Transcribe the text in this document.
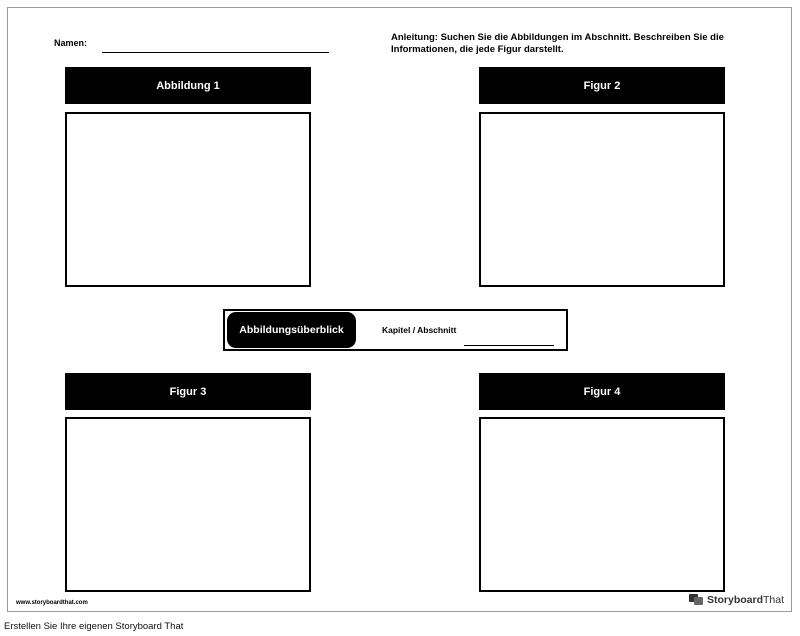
Namen:	Anleitung: Suchen Sie die Abbildungen im Abschnitt. Beschreiben Sie die Informationen, die jede Figur darstellt.
Abbildung 1	Figur 2
Abbildungsüberblick	Kapitel / Abschnitt
Figur 3	Figur 4
www.storyboardthat.com	StoryboardThat
Erstellen Sie Ihre eigenen Storyboard That
